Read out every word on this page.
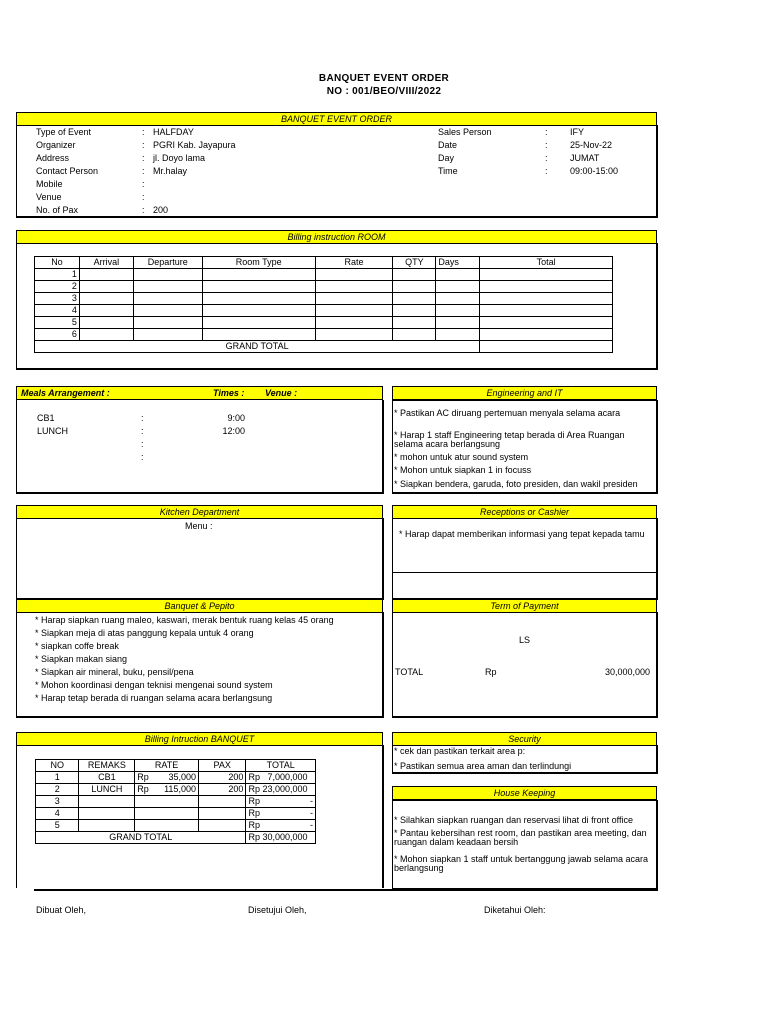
BANQUET EVENT ORDER
NO : 001/BEO/VIII/2022
BANQUET EVENT ORDER
Type of Event	: HALFDAY
Organizer	: PGRI Kab. Jayapura
Address	: jl. Doyo lama
Contact Person	: Mr.halay
Mobile	:
Venue	:
No. of Pax	: 200
Sales Person	: IFY
Date	: 25-Nov-22
Day	: JUMAT
Time	: 09:00-15:00
Billing instruction ROOM
No	Arrival	Departure	Room Type	Rate	QTY	Days	Total
1							
2							
3							
4							
5							
6							
GRAND TOTAL							
Meals Arrangement :	Times : Venue :
CB1	:	9:00
LUNCH	:	12:00
:
:
Engineering and IT
* Pastikan AC diruang pertemuan menyala selama acara
* Harap 1 staff Engineering tetap berada di Area Ruangan
selama acara berlangsung
* mohon untuk atur sound system
* Mohon untuk siapkan 1 in focuss
* Siapkan bendera, garuda, foto presiden, dan wakil presiden
Kitchen Department
Menu :
Receptions or Cashier
* Harap dapat memberikan informasi yang tepat kepada tamu
Banquet & Pepito
* Harap siapkan ruang maleo, kaswari, merak bentuk ruang kelas 45 orang
* Siapkan meja di atas panggung kepala untuk 4 orang
* siapkan coffe break
* Siapkan makan siang
* Siapkan air mineral, buku, pensil/pena
* Mohon koordinasi dengan teknisi mengenai sound system
* Harap tetap berada di ruangan selama acara berlangsung
Term of Payment
LS
TOTAL	Rp	30,000,000
Billing Intruction BANQUET
NO	REMAKS	RATE		PAX	TOTAL
1	CB1	Rp	35,000	200	Rp   7,000,000
2	LUNCH	Rp	115,000	200	Rp 23,000,000
3					Rp                    -
4					Rp                    -
5					Rp                    -
GRAND TOTAL					Rp 30,000,000
Security
* cek dan pastikan terkait area p:
* Pastikan semua area aman dan terlindungi
House Keeping
* Silahkan siapkan ruangan dan reservasi lihat di front office
* Pantau kebersihan rest room, dan pastikan area meeting, dan
ruangan dalam keadaan bersih
* Mohon siapkan 1 staff untuk bertanggung jawab selama acara
berlangsung
Dibuat Oleh,	Disetujui Oleh,	Diketahui Oleh:
